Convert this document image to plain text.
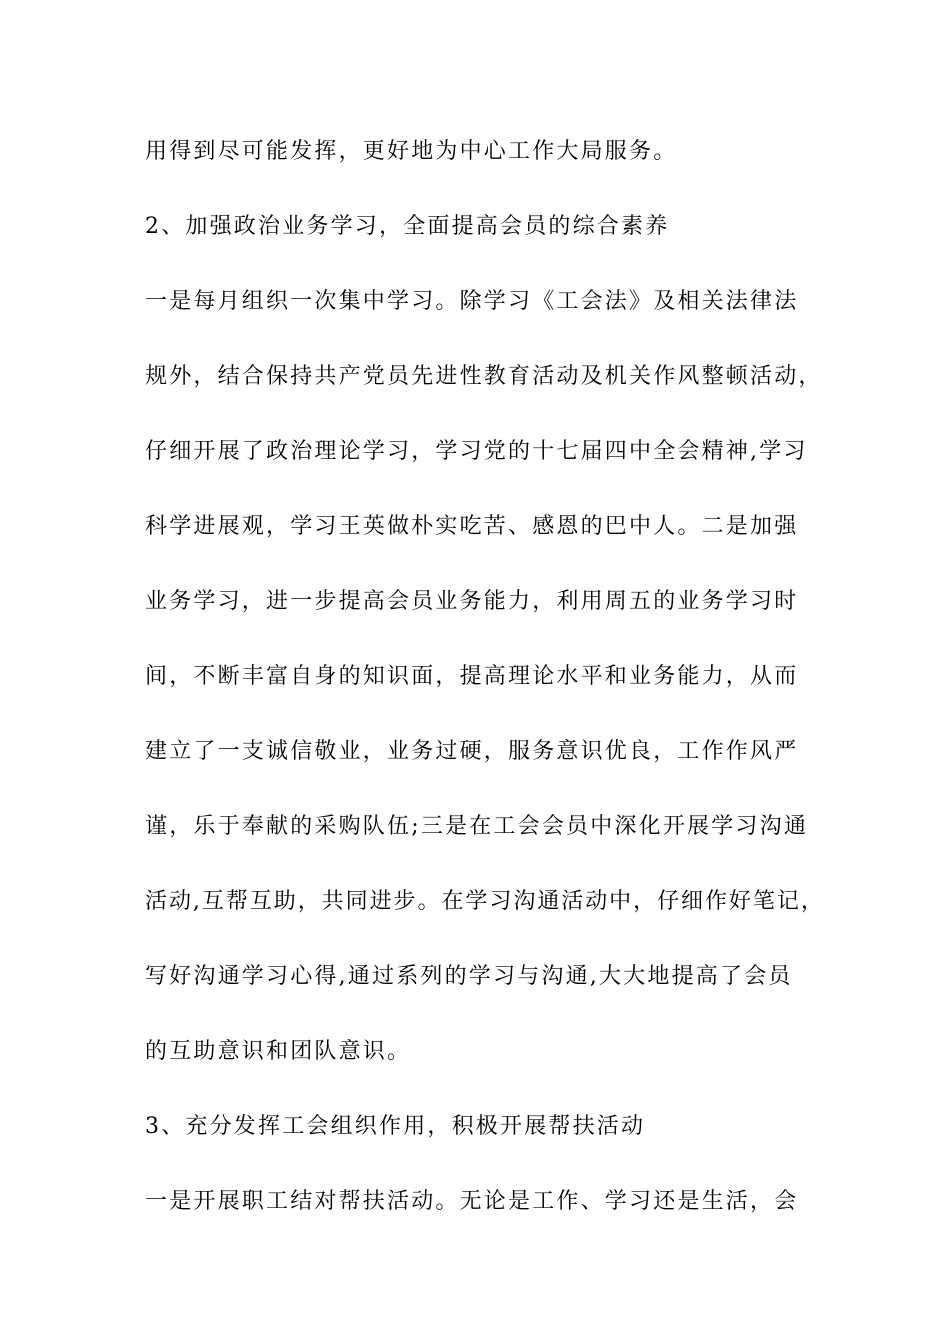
用得到尽可能发挥，更好地为中心工作大局服务。
2、加强政治业务学习，全面提高会员的综合素养
一是每月组织一次集中学习。除学习《工会法》及相关法律法
规外，结合保持共产党员先进性教育活动及机关作风整顿活动，
仔细开展了政治理论学习，学习党的十七届四中全会精神,学习
科学进展观，学习王英做朴实吃苦、感恩的巴中人。二是加强
业务学习，进一步提高会员业务能力，利用周五的业务学习时
间，不断丰富自身的知识面，提高理论水平和业务能力，从而
建立了一支诚信敬业，业务过硬，服务意识优良，工作作风严
谨，乐于奉献的采购队伍;三是在工会会员中深化开展学习沟通
活动,互帮互助，共同进步。在学习沟通活动中，仔细作好笔记，
写好沟通学习心得,通过系列的学习与沟通,大大地提高了会员
的互助意识和团队意识。
3、充分发挥工会组织作用，积极开展帮扶活动
一是开展职工结对帮扶活动。无论是工作、学习还是生活，会
